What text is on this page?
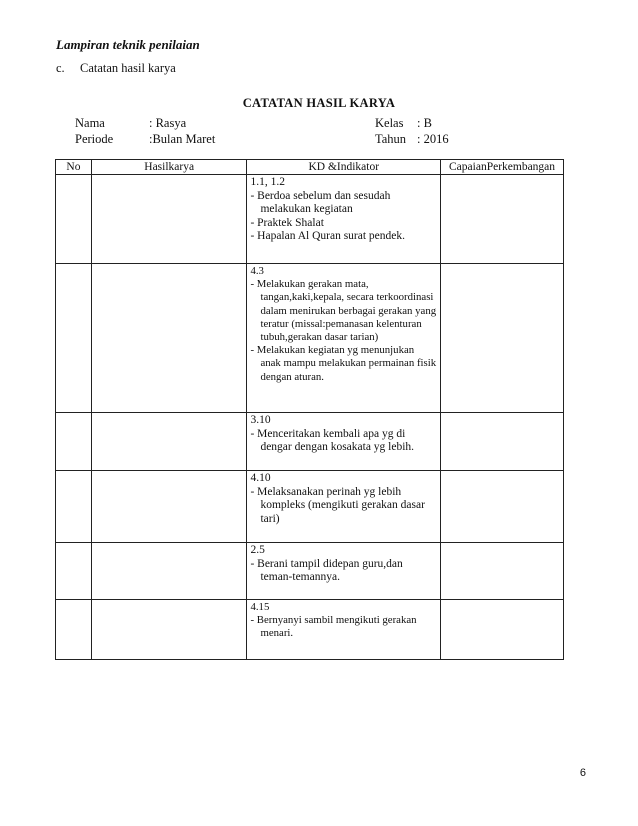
Lampiran teknik penilaian
c. Catatan hasil karya
CATATAN HASIL KARYA
Nama	: Rasya
Periode	:Bulan Maret
Kelas : B
Tahun : 2016
No	Hasilkarya	KD &Indikator	CapaianPerkembangan

		1.1, 1.2
- Berdoa sebelum dan sesudah melakukan kegiatan
- Praktek Shalat
- Hapalan Al Quran surat pendek.	

		4.3
- Melakukan gerakan mata, tangan,kaki,kepala, secara terkoordinasi dalam menirukan berbagai gerakan yang teratur (missal:pemanasan kelenturan tubuh,gerakan dasar tarian)
- Melakukan kegiatan yg menunjukan anak mampu melakukan permainan fisik dengan aturan.	

		3.10
- Menceritakan kembali apa yg di dengar dengan kosakata yg lebih.	

		4.10
- Melaksanakan perinah yg lebih kompleks (mengikuti gerakan dasar tari)	

		2.5
- Berani tampil didepan guru,dan teman-temannya.	

		4.15
- Bernyanyi sambil mengikuti gerakan menari.	

6
